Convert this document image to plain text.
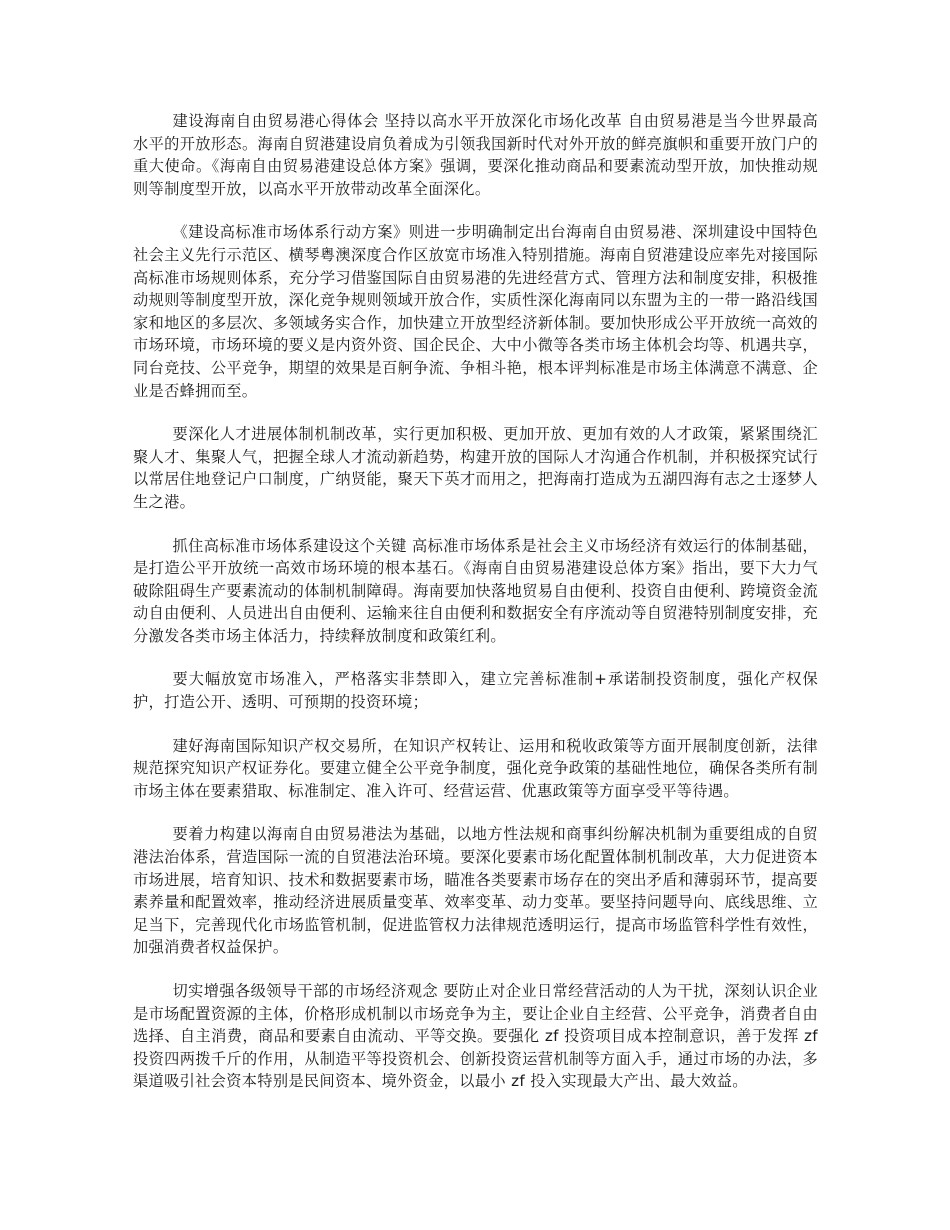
建设海南自由贸易港心得体会 坚持以高水平开放深化市场化改革 自由贸易港是当今世界最高水平的开放形态。海南自贸港建设肩负着成为引领我国新时代对外开放的鲜亮旗帜和重要开放门户的重大使命。《海南自由贸易港建设总体方案》强调，要深化推动商品和要素流动型开放，加快推动规则等制度型开放，以高水平开放带动改革全面深化。

《建设高标准市场体系行动方案》则进一步明确制定出台海南自由贸易港、深圳建设中国特色社会主义先行示范区、横琴粤澳深度合作区放宽市场准入特别措施。海南自贸港建设应率先对接国际高标准市场规则体系，充分学习借鉴国际自由贸易港的先进经营方式、管理方法和制度安排，积极推动规则等制度型开放，深化竞争规则领域开放合作，实质性深化海南同以东盟为主的一带一路沿线国家和地区的多层次、多领域务实合作，加快建立开放型经济新体制。要加快形成公平开放统一高效的市场环境，市场环境的要义是内资外资、国企民企、大中小微等各类市场主体机会均等、机遇共享，同台竞技、公平竞争，期望的效果是百舸争流、争相斗艳，根本评判标准是市场主体满意不满意、企业是否蜂拥而至。

要深化人才进展体制机制改革，实行更加积极、更加开放、更加有效的人才政策，紧紧围绕汇聚人才、集聚人气，把握全球人才流动新趋势，构建开放的国际人才沟通合作机制，并积极探究试行以常居住地登记户口制度，广纳贤能，聚天下英才而用之，把海南打造成为五湖四海有志之士逐梦人生之港。

抓住高标准市场体系建设这个关键 高标准市场体系是社会主义市场经济有效运行的体制基础，是打造公平开放统一高效市场环境的根本基石。《海南自由贸易港建设总体方案》指出，要下大力气破除阻碍生产要素流动的体制机制障碍。海南要加快落地贸易自由便利、投资自由便利、跨境资金流动自由便利、人员进出自由便利、运输来往自由便利和数据安全有序流动等自贸港特别制度安排，充分激发各类市场主体活力，持续释放制度和政策红利。

要大幅放宽市场准入，严格落实非禁即入，建立完善标准制+承诺制投资制度，强化产权保护，打造公开、透明、可预期的投资环境；

建好海南国际知识产权交易所，在知识产权转让、运用和税收政策等方面开展制度创新，法律规范探究知识产权证券化。要建立健全公平竞争制度，强化竞争政策的基础性地位，确保各类所有制市场主体在要素猎取、标准制定、准入许可、经营运营、优惠政策等方面享受平等待遇。

要着力构建以海南自由贸易港法为基础，以地方性法规和商事纠纷解决机制为重要组成的自贸港法治体系，营造国际一流的自贸港法治环境。要深化要素市场化配置体制机制改革，大力促进资本市场进展，培育知识、技术和数据要素市场，瞄准各类要素市场存在的突出矛盾和薄弱环节，提高要素养量和配置效率，推动经济进展质量变革、效率变革、动力变革。要坚持问题导向、底线思维、立足当下，完善现代化市场监管机制，促进监管权力法律规范透明运行，提高市场监管科学性有效性，加强消费者权益保护。

切实增强各级领导干部的市场经济观念 要防止对企业日常经营活动的人为干扰，深刻认识企业是市场配置资源的主体，价格形成机制以市场竞争为主，要让企业自主经营、公平竞争，消费者自由选择、自主消费，商品和要素自由流动、平等交换。要强化 zf 投资项目成本控制意识，善于发挥 zf 投资四两拨千斤的作用，从制造平等投资机会、创新投资运营机制等方面入手，通过市场的办法，多渠道吸引社会资本特别是民间资本、境外资金，以最小 zf 投入实现最大产出、最大效益。
